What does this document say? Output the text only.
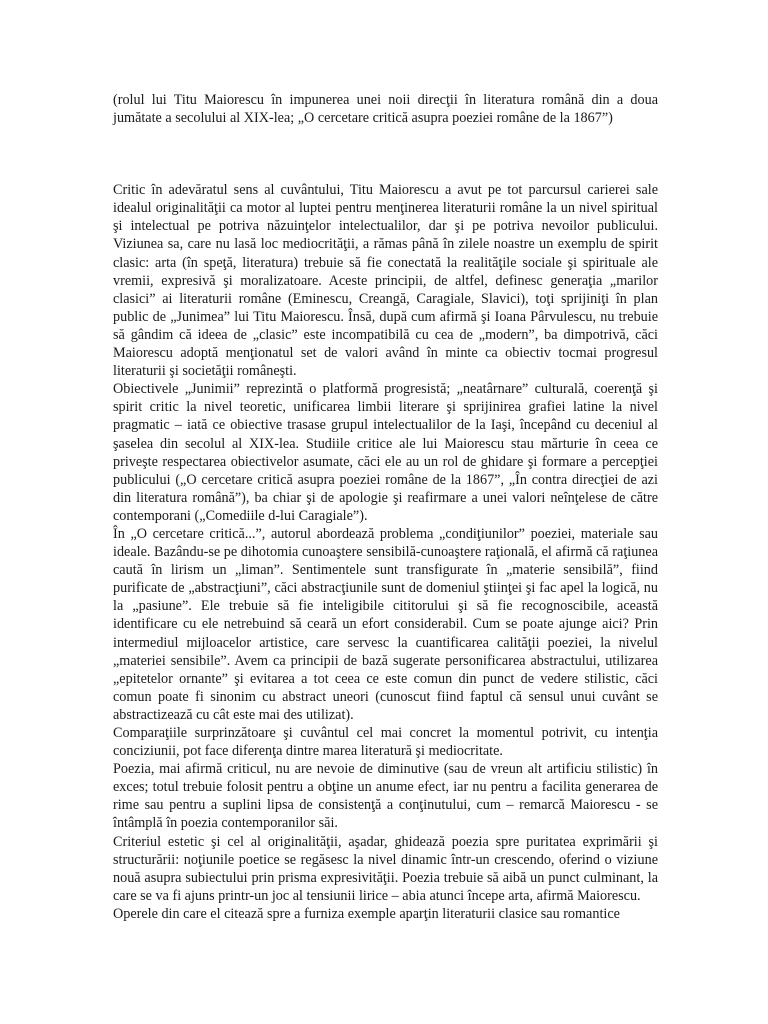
(rolul lui Titu Maiorescu în impunerea unei noii direcţii în literatura română din a doua jumătate a secolului al XIX-lea; „O cercetare critică asupra poeziei române de la 1867”)

Critic în adevăratul sens al cuvântului, Titu Maiorescu a avut pe tot parcursul carierei sale idealul originalităţii ca motor al luptei pentru menţinerea literaturii române la un nivel spiritual şi intelectual pe potriva năzuinţelor intelectualilor, dar şi pe potriva nevoilor publicului. Viziunea sa, care nu lasă loc mediocrităţii, a rămas până în zilele noastre un exemplu de spirit clasic: arta (în speţă, literatura) trebuie să fie conectată la realităţile sociale şi spirituale ale vremii, expresivă şi moralizatoare. Aceste principii, de altfel, definesc generaţia „marilor clasici” ai literaturii române (Eminescu, Creangă, Caragiale, Slavici), toţi sprijiniţi în plan public de „Junimea” lui Titu Maiorescu. Însă, după cum afirmă şi Ioana Pârvulescu, nu trebuie să gândim că ideea de „clasic” este incompatibilă cu cea de „modern”, ba dimpotrivă, căci Maiorescu adoptă menţionatul set de valori având în minte ca obiectiv tocmai progresul literaturii şi societăţii româneşti.

Obiectivele „Junimii” reprezintă o platformă progresistă; „neatârnare” culturală, coerenţă şi spirit critic la nivel teoretic, unificarea limbii literare şi sprijinirea grafiei latine la nivel pragmatic – iată ce obiective trasase grupul intelectualilor de la Iaşi, începând cu deceniul al şaselea din secolul al XIX-lea. Studiile critice ale lui Maiorescu stau mărturie în ceea ce priveşte respectarea obiectivelor asumate, căci ele au un rol de ghidare şi formare a percepţiei publicului („O cercetare critică asupra poeziei române de la 1867”, „În contra direcţiei de azi din literatura română”), ba chiar şi de apologie şi reafirmare a unei valori neînţelese de către contemporani („Comediile d-lui Caragiale”).

În „O cercetare critică...”, autorul abordează problema „condiţiunilor” poeziei, materiale sau ideale. Bazându-se pe dihotomia cunoaştere sensibilă-cunoaştere raţională, el afirmă că raţiunea caută în lirism un „liman”. Sentimentele sunt transfigurate în „materie sensibilă”, fiind purificate de „abstracţiuni”, căci abstracţiunile sunt de domeniul ştiinţei şi fac apel la logică, nu la „pasiune”. Ele trebuie să fie inteligibile cititorului şi să fie recognoscibile, această identificare cu ele netrebuind să ceară un efort considerabil. Cum se poate ajunge aici? Prin intermediul mijloacelor artistice, care servesc la cuantificarea calităţii poeziei, la nivelul „materiei sensibile”. Avem ca principii de bază sugerate personificarea abstractului, utilizarea „epitetelor ornante” şi evitarea a tot ceea ce este comun din punct de vedere stilistic, căci comun poate fi sinonim cu abstract uneori (cunoscut fiind faptul că sensul unui cuvânt se abstractizează cu cât este mai des utilizat).

Comparaţiile surprinzătoare şi cuvântul cel mai concret la momentul potrivit, cu intenţia conciziunii, pot face diferenţa dintre marea literatură şi mediocritate.

Poezia, mai afirmă criticul, nu are nevoie de diminutive (sau de vreun alt artificiu stilistic) în exces; totul trebuie folosit pentru a obţine un anume efect, iar nu pentru a facilita generarea de rime sau pentru a suplini lipsa de consistenţă a conţinutului, cum – remarcă Maiorescu - se întâmplă în poezia contemporanilor săi.

Criteriul estetic şi cel al originalităţii, aşadar, ghidează poezia spre puritatea exprimării şi structurării: noţiunile poetice se regăsesc la nivel dinamic într-un crescendo, oferind o viziune nouă asupra subiectului prin prisma expresivităţii. Poezia trebuie să aibă un punct culminant, la care se va fi ajuns printr-un joc al tensiunii lirice – abia atunci începe arta, afirmă Maiorescu.

Operele din care el citează spre a furniza exemple aparţin literaturii clasice sau romantice
